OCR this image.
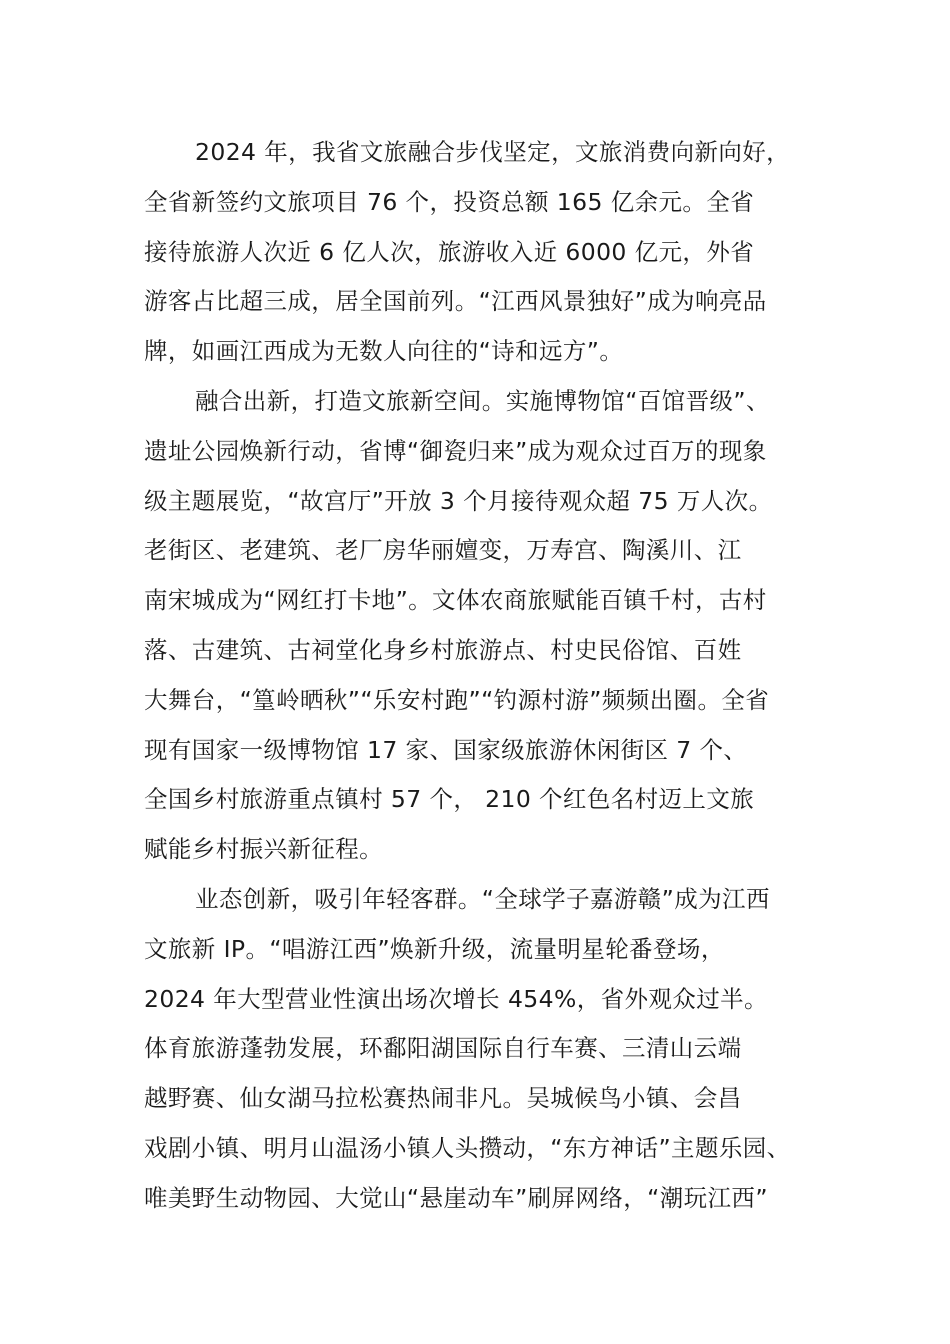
2024 年，我省文旅融合步伐坚定，文旅消费向新向好，
全省新签约文旅项目 76 个，投资总额 165 亿余元。全省
接待旅游人次近 6 亿人次，旅游收入近 6000 亿元，外省
游客占比超三成，居全国前列。“江西风景独好”成为响亮品
牌，如画江西成为无数人向往的“诗和远方”。
融合出新，打造文旅新空间。实施博物馆“百馆晋级”、
遗址公园焕新行动，省博“御瓷归来”成为观众过百万的现象
级主题展览，“故宫厅”开放 3 个月接待观众超 75 万人次。
老街区、老建筑、老厂房华丽嬗变，万寿宫、陶溪川、江
南宋城成为“网红打卡地”。文体农商旅赋能百镇千村，古村
落、古建筑、古祠堂化身乡村旅游点、村史民俗馆、百姓
大舞台，“篁岭晒秋”“乐安村跑”“钓源村游”频频出圈。全省
现有国家一级博物馆 17 家、国家级旅游休闲街区 7 个、
全国乡村旅游重点镇村 57 个， 210 个红色名村迈上文旅
赋能乡村振兴新征程。
业态创新，吸引年轻客群。“全球学子嘉游赣”成为江西
文旅新 IP。“唱游江西”焕新升级，流量明星轮番登场，
2024 年大型营业性演出场次增长 454%，省外观众过半。
体育旅游蓬勃发展，环鄱阳湖国际自行车赛、三清山云端
越野赛、仙女湖马拉松赛热闹非凡。吴城候鸟小镇、会昌
戏剧小镇、明月山温汤小镇人头攒动，“东方神话”主题乐园、
唯美野生动物园、大觉山“悬崖动车”刷屏网络，“潮玩江西”
